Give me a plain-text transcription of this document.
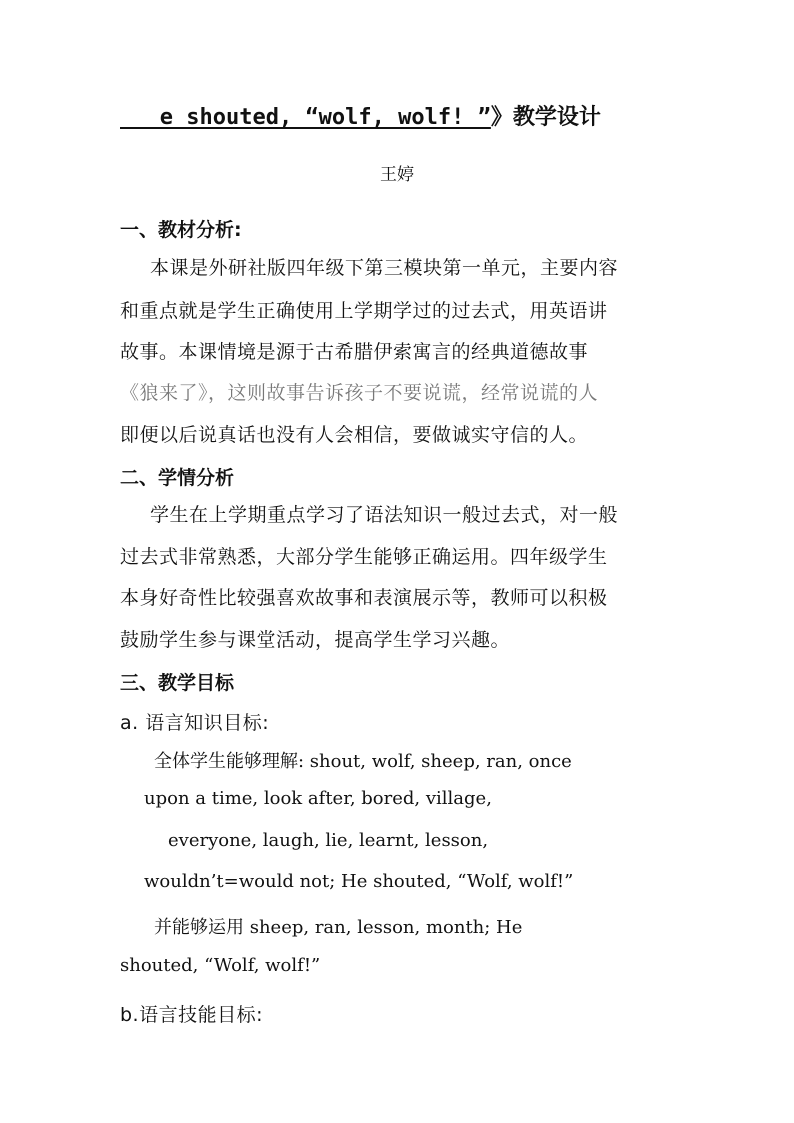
e shouted, “wolf, wolf! ”》教学设计
王婷
一、教材分析:
本课是外研社版四年级下第三模块第一单元，主要内容
和重点就是学生正确使用上学期学过的过去式，用英语讲
故事。本课情境是源于古希腊伊索寓言的经典道德故事
《狼来了》，这则故事告诉孩子不要说谎，经常说谎的人
即便以后说真话也没有人会相信，要做诚实守信的人。
二、学情分析
学生在上学期重点学习了语法知识一般过去式，对一般
过去式非常熟悉，大部分学生能够正确运用。四年级学生
本身好奇性比较强喜欢故事和表演展示等，教师可以积极
鼓励学生参与课堂活动，提高学生学习兴趣。
三、教学目标
a. 语言知识目标:
全体学生能够理解: shout, wolf, sheep, ran, once
upon a time, look after, bored, village,
everyone, laugh, lie, learnt, lesson,
wouldn’t=would not; He shouted, “Wolf, wolf!”
并能够运用 sheep, ran, lesson, month; He
shouted, “Wolf, wolf!”
b.语言技能目标:
